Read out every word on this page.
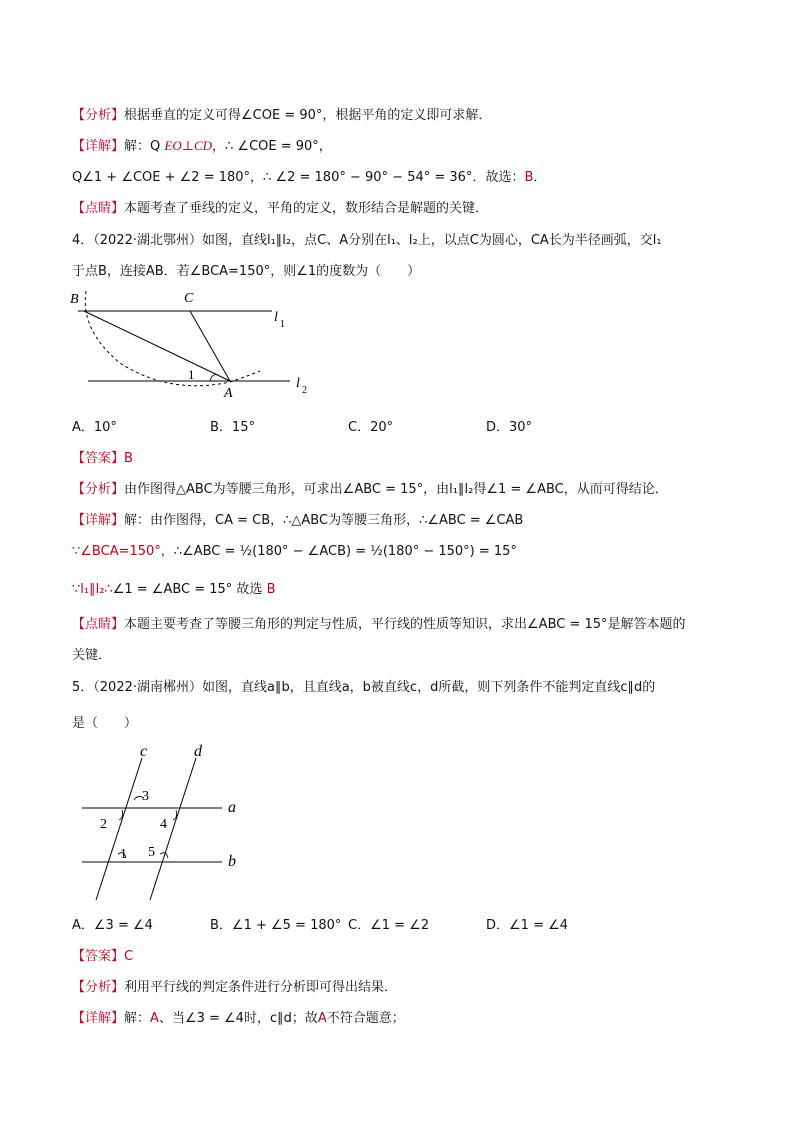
【分析】根据垂直的定义可得∠COE = 90°，根据平角的定义即可求解．
【详解】解：Q EO⊥CD，∴ ∠COE = 90°，
Q∠1 + ∠COE + ∠2 = 180°，∴ ∠2 = 180° − 90° − 54° = 36°．故选：B．
【点睛】本题考查了垂线的定义，平角的定义，数形结合是解题的关键．
4．（2022·湖北鄂州）如图，直线l₁∥l₂，点C、A分别在l₁、l₂上，以点C为圆心，CA长为半径画弧，交l₁
于点B，连接AB．若∠BCA=150°，则∠1的度数为（　　）
B	C
A
1
l 1
l 2
A．10°	B．15°	C．20°	D．30°
【答案】B
【分析】由作图得△ABC为等腰三角形，可求出∠ABC = 15°，由l₁∥l₂得∠1 = ∠ABC，从而可得结论．
【详解】解：由作图得，CA = CB，∴△ABC为等腰三角形，∴∠ABC = ∠CAB
∵∠BCA=150°，∴∠ABC = ½(180° − ∠ACB) = ½(180° − 150°) = 15°
∵l₁∥l₂∴∠1 = ∠ABC = 15° 故选 B
【点睛】本题主要考查了等腰三角形的判定与性质，平行线的性质等知识，求出∠ABC = 15°是解答本题的
关键．
5．（2022·湖南郴州）如图，直线a∥b，且直线a，b被直线c，d所截，则下列条件不能判定直线c∥d的
是（　　）
c	d
a
b
3
2	4
1 5
A．∠3 = ∠4	B．∠1 + ∠5 = 180° C．∠1 = ∠2	D．∠1 = ∠4
【答案】C
【分析】利用平行线的判定条件进行分析即可得出结果．
【详解】解：A、当∠3 = ∠4时，c∥d；故A不符合题意；
